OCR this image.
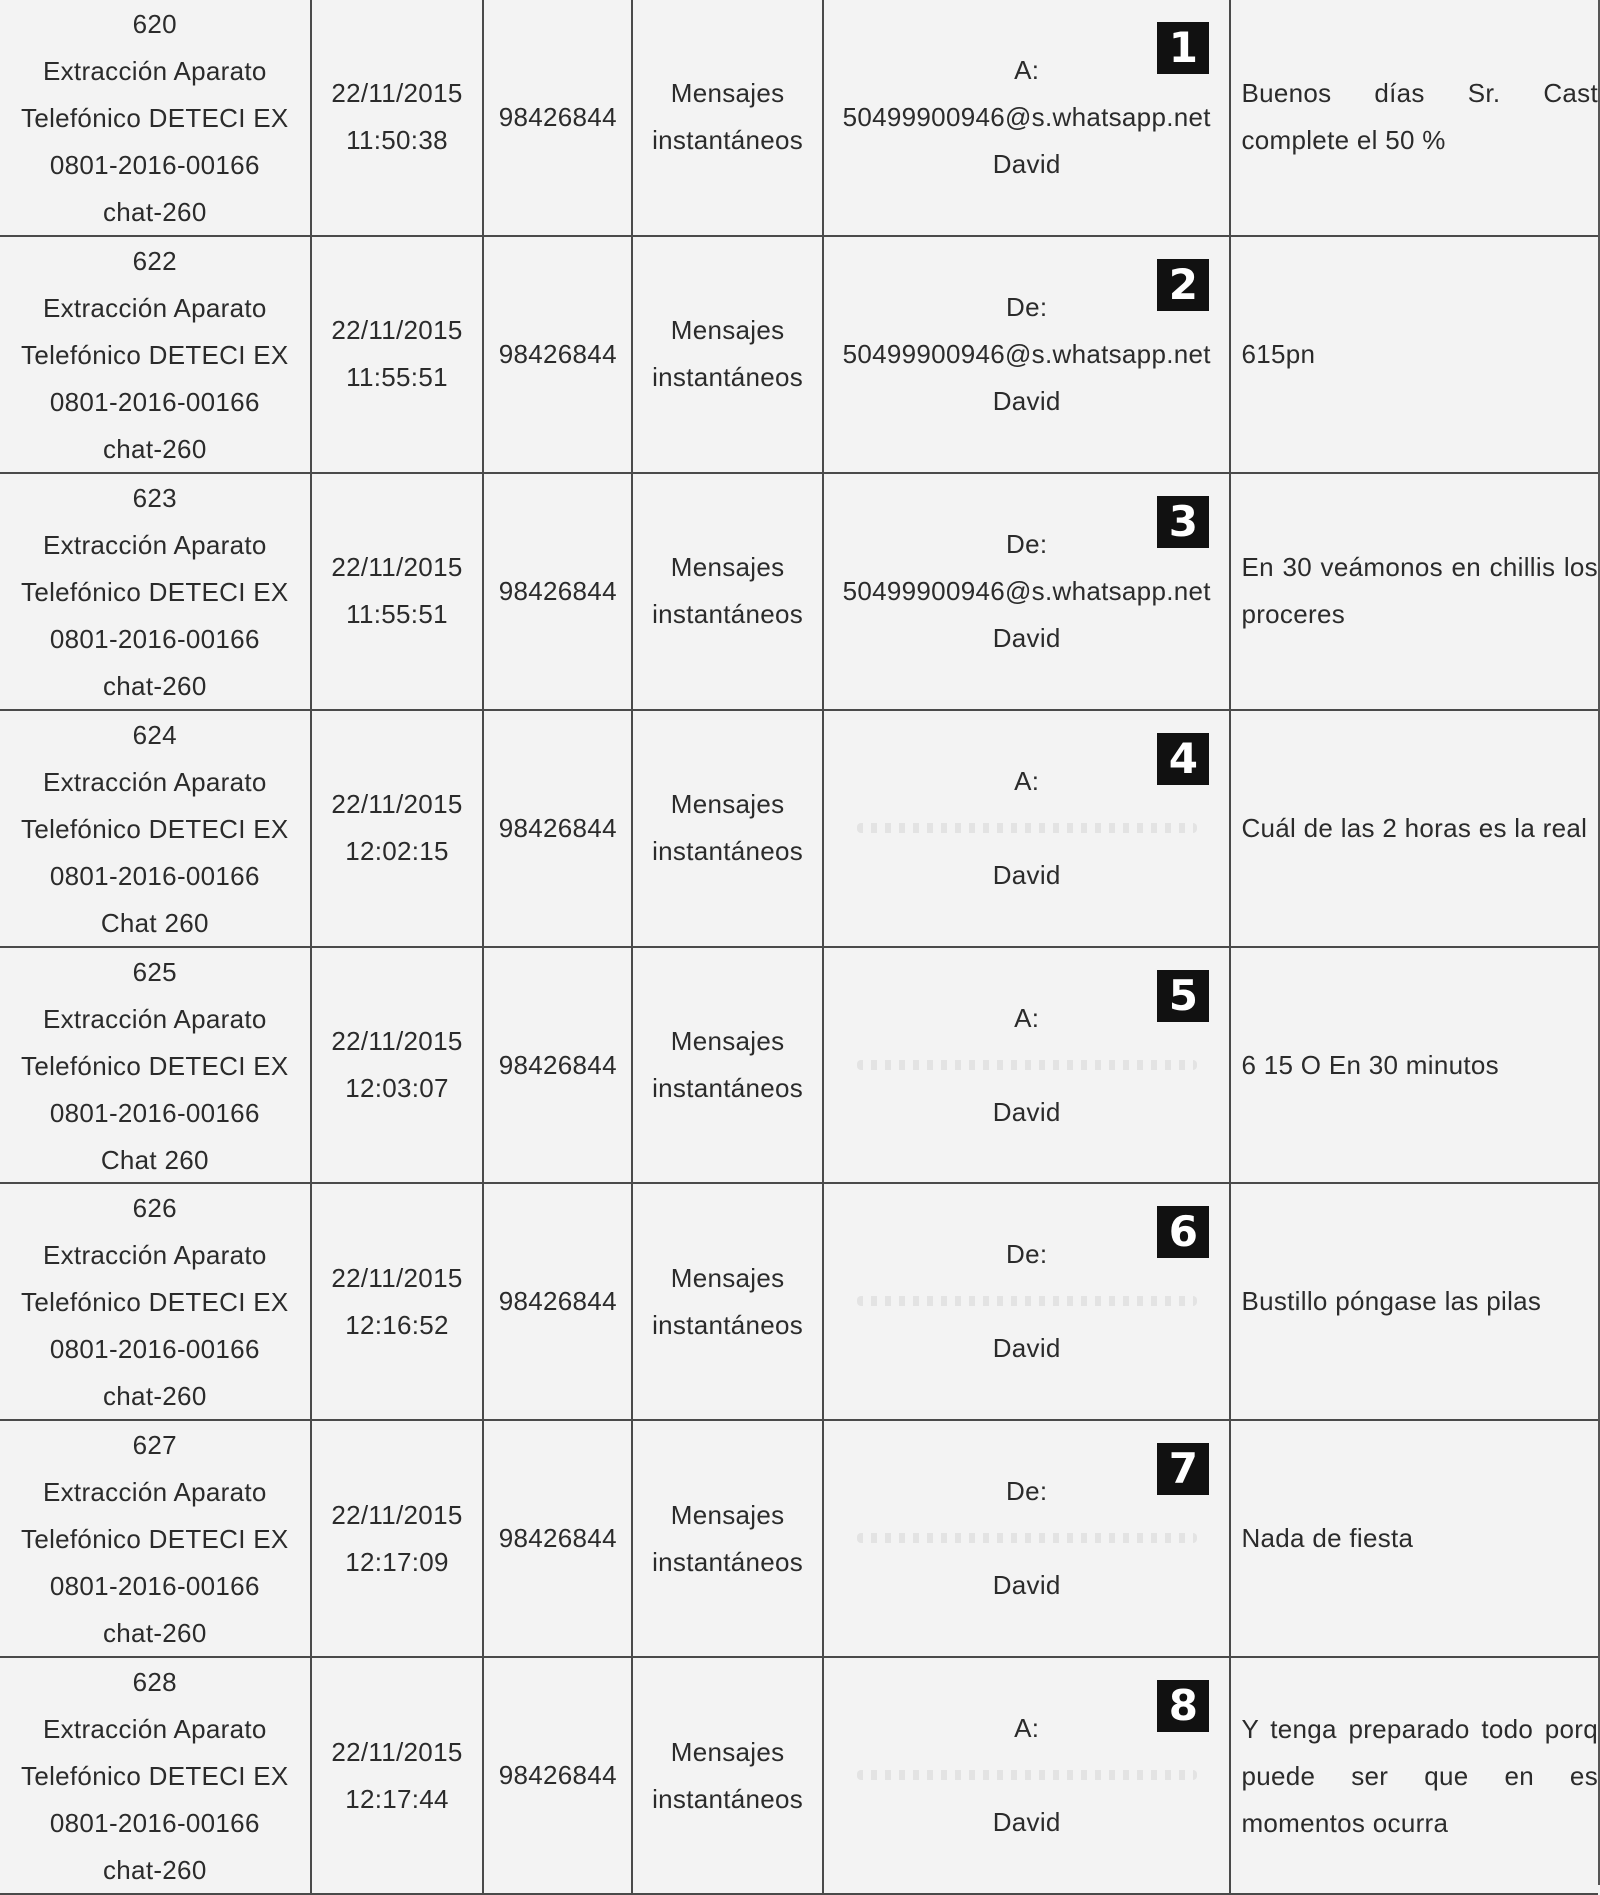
620
Extracción Aparato
Telefónico DETECI EX
0801-2016-00166
chat-260
22/11/2015
11:50:38
98426844
Mensajes
instantáneos
A:
50499900946@s.whatsapp.net
David
1
Buenos días Sr. Cast complete el 50 %
622
Extracción Aparato
Telefónico DETECI EX
0801-2016-00166
chat-260
22/11/2015
11:55:51
98426844
Mensajes
instantáneos
De:
50499900946@s.whatsapp.net
David
2
615pn
623
Extracción Aparato
Telefónico DETECI EX
0801-2016-00166
chat-260
22/11/2015
11:55:51
98426844
Mensajes
instantáneos
De:
50499900946@s.whatsapp.net
David
3
En 30 veámonos en chillis los proceres
624
Extracción Aparato
Telefónico DETECI EX
0801-2016-00166
Chat 260
22/11/2015
12:02:15
98426844
Mensajes
instantáneos
A:
David
4
Cuál de las 2 horas es la real
625
Extracción Aparato
Telefónico DETECI EX
0801-2016-00166
Chat 260
22/11/2015
12:03:07
98426844
Mensajes
instantáneos
A:
David
5
6 15 O En 30 minutos
626
Extracción Aparato
Telefónico DETECI EX
0801-2016-00166
chat-260
22/11/2015
12:16:52
98426844
Mensajes
instantáneos
De:
David
6
Bustillo póngase las pilas
627
Extracción Aparato
Telefónico DETECI EX
0801-2016-00166
chat-260
22/11/2015
12:17:09
98426844
Mensajes
instantáneos
De:
David
7
Nada de fiesta
628
Extracción Aparato
Telefónico DETECI EX
0801-2016-00166
chat-260
22/11/2015
12:17:44
98426844
Mensajes
instantáneos
A:
David
8	Y tenga preparado todo porq puede ser que en es momentos ocurra
